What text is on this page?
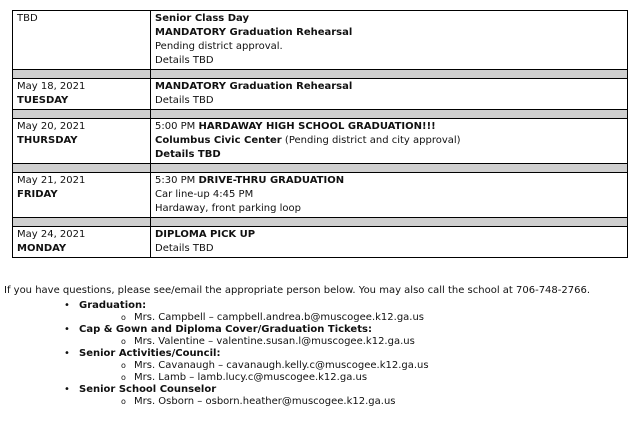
TBD	Senior Class Day
MANDATORY Graduation Rehearsal
Pending district approval.
Details TBD

May 18, 2021
TUESDAY	MANDATORY Graduation Rehearsal
Details TBD

May 20, 2021
THURSDAY	5:00 PM HARDAWAY HIGH SCHOOL GRADUATION!!!
Columbus Civic Center (Pending district and city approval)
Details TBD

May 21, 2021
FRIDAY	5:30 PM DRIVE-THRU GRADUATION
Car line-up 4:45 PM
Hardaway, front parking loop

May 24, 2021
MONDAY	DIPLOMA PICK UP
Details TBD
If you have questions, please see/email the appropriate person below. You may also call the school at 706-748-2766.
• Graduation:
o Mrs. Campbell – campbell.andrea.b@muscogee.k12.ga.us
• Cap & Gown and Diploma Cover/Graduation Tickets:
o Mrs. Valentine – valentine.susan.l@muscogee.k12.ga.us
• Senior Activities/Council:
o Mrs. Cavanaugh – cavanaugh.kelly.c@muscogee.k12.ga.us
o Mrs. Lamb – lamb.lucy.c@muscogee.k12.ga.us
• Senior School Counselor
o Mrs. Osborn – osborn.heather@muscogee.k12.ga.us
